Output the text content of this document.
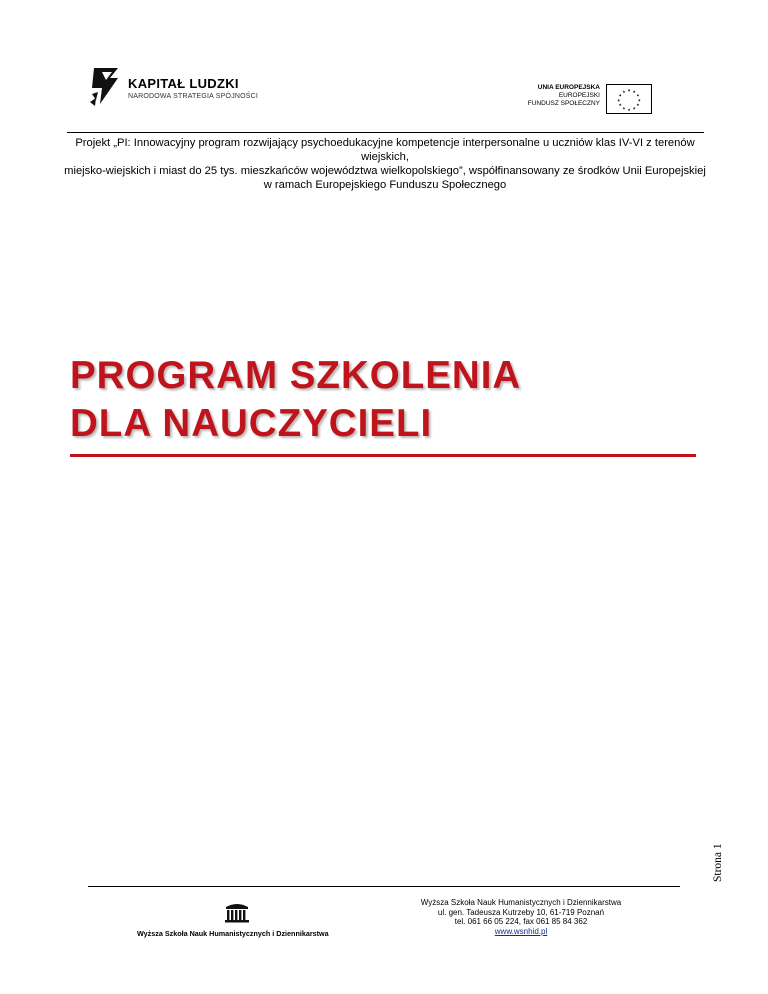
KAPITAŁ LUDZKI
NARODOWA STRATEGIA SPÓJNOŚCI
UNIA EUROPEJSKA
EUROPEJSKI
FUNDUSZ SPOŁECZNY
★ ★
★
★
★
★
★
★
★
★
★
★
Projekt „PI: Innowacyjny program rozwijający psychoedukacyjne kompetencje interpersonalne u uczniów klas IV-VI z terenów wiejskich,
miejsko-wiejskich i miast do 25 tys. mieszkańców województwa wielkopolskiego”, współfinansowany ze środków Unii Europejskiej
w ramach Europejskiego Funduszu Społecznego
PROGRAM SZKOLENIA
DLA NAUCZYCIELI
Strona 1
Wyższa Szkoła Nauk Humanistycznych i Dziennikarstwa
Wyższa Szkoła Nauk Humanistycznych i Dziennikarstwa
ul. gen. Tadeusza Kutrzeby 10, 61-719 Poznań
tel. 061 66 05 224, fax 061 85 84 362
www.wsnhid.pl
